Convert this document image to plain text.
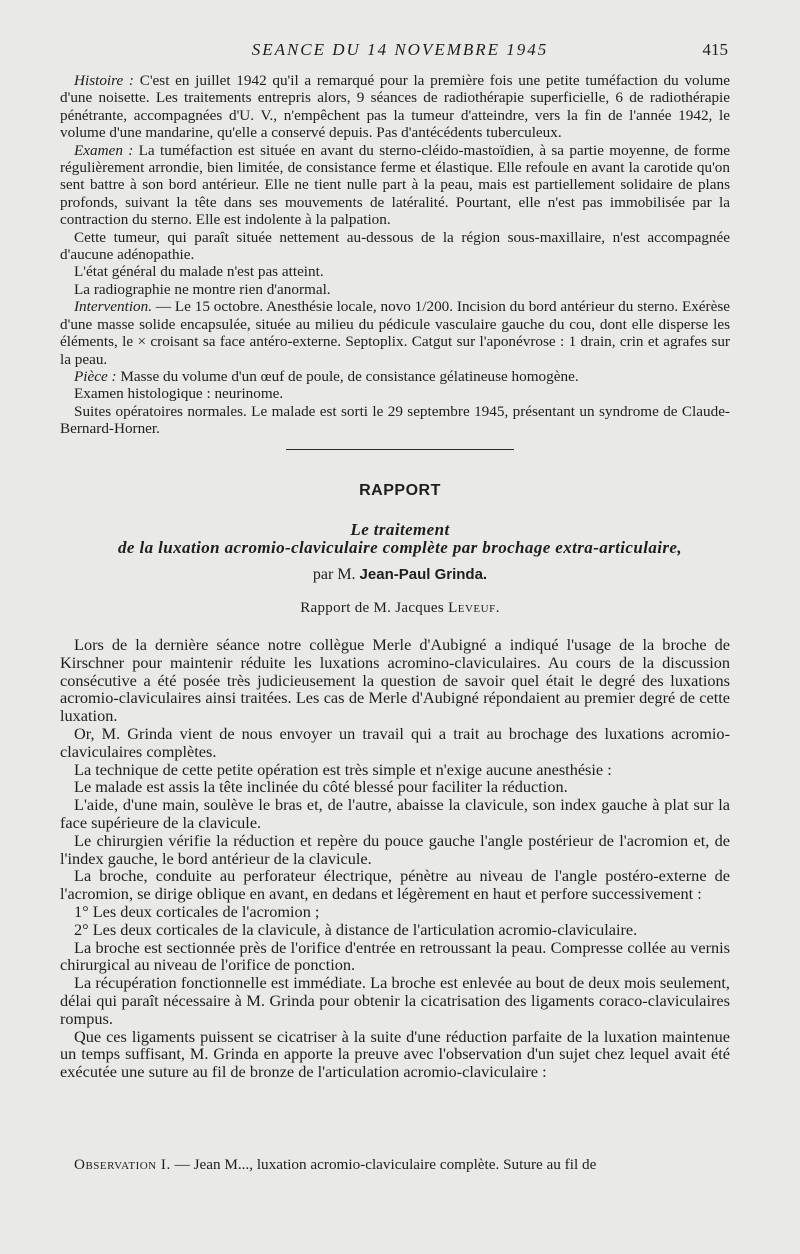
SEANCE DU 14 NOVEMBRE 1945	415

Histoire : C'est en juillet 1942 qu'il a remarqué pour la première fois une petite tuméfaction du volume d'une noisette. Les traitements entrepris alors, 9 séances de radiothérapie superficielle, 6 de radiothérapie pénétrante, accompagnées d'U. V., n'empêchent pas la tumeur d'atteindre, vers la fin de l'année 1942, le volume d'une mandarine, qu'elle a conservé depuis. Pas d'antécédents tuberculeux.

Examen : La tuméfaction est située en avant du sterno-cléido-mastoïdien, à sa partie moyenne, de forme régulièrement arrondie, bien limitée, de consistance ferme et élastique. Elle refoule en avant la carotide qu'on sent battre à son bord antérieur. Elle ne tient nulle part à la peau, mais est partiellement solidaire de plans profonds, suivant la tête dans ses mouvements de latéralité. Pourtant, elle n'est pas immobilisée par la contraction du sterno. Elle est indolente à la palpation.

Cette tumeur, qui paraît située nettement au-dessous de la région sous-maxillaire, n'est accompagnée d'aucune adénopathie.

L'état général du malade n'est pas atteint.

La radiographie ne montre rien d'anormal.

Intervention. — Le 15 octobre. Anesthésie locale, novo 1/200. Incision du bord antérieur du sterno. Exérèse d'une masse solide encapsulée, située au milieu du pédicule vasculaire gauche du cou, dont elle disperse les éléments, le × croisant sa face antéro-externe. Septoplix. Catgut sur l'aponévrose : 1 drain, crin et agrafes sur la peau.

Pièce : Masse du volume d'un œuf de poule, de consistance gélatineuse homogène.

Examen histologique : neurinome.

Suites opératoires normales. Le malade est sorti le 29 septembre 1945, présentant un syndrome de Claude-Bernard-Horner.

RAPPORT
Le traitement
de la luxation acromio-claviculaire complète par brochage extra-articulaire,
par M. Jean-Paul Grinda.
Rapport de M. Jacques Leveuf.

Lors de la dernière séance notre collègue Merle d'Aubigné a indiqué l'usage de la broche de Kirschner pour maintenir réduite les luxations acromino-claviculaires. Au cours de la discussion consécutive a été posée très judicieusement la question de savoir quel était le degré des luxations acromio-claviculaires ainsi traitées. Les cas de Merle d'Aubigné répondaient au premier degré de cette luxation.

Or, M. Grinda vient de nous envoyer un travail qui a trait au brochage des luxations acromio-claviculaires complètes.

La technique de cette petite opération est très simple et n'exige aucune anesthésie :

Le malade est assis la tête inclinée du côté blessé pour faciliter la réduction.

L'aide, d'une main, soulève le bras et, de l'autre, abaisse la clavicule, son index gauche à plat sur la face supérieure de la clavicule.

Le chirurgien vérifie la réduction et repère du pouce gauche l'angle postérieur de l'acromion et, de l'index gauche, le bord antérieur de la clavicule.

La broche, conduite au perforateur électrique, pénètre au niveau de l'angle postéro-externe de l'acromion, se dirige oblique en avant, en dedans et légèrement en haut et perfore successivement :

1° Les deux corticales de l'acromion ;

2° Les deux corticales de la clavicule, à distance de l'articulation acromio-claviculaire.

La broche est sectionnée près de l'orifice d'entrée en retroussant la peau. Compresse collée au vernis chirurgical au niveau de l'orifice de ponction.

La récupération fonctionnelle est immédiate. La broche est enlevée au bout de deux mois seulement, délai qui paraît nécessaire à M. Grinda pour obtenir la cicatrisation des ligaments coraco-claviculaires rompus.

Que ces ligaments puissent se cicatriser à la suite d'une réduction parfaite de la luxation maintenue un temps suffisant, M. Grinda en apporte la preuve avec l'observation d'un sujet chez lequel avait été exécutée une suture au fil de bronze de l'articulation acromio-claviculaire :

Observation I. — Jean M..., luxation acromio-claviculaire complète. Suture au fil de
